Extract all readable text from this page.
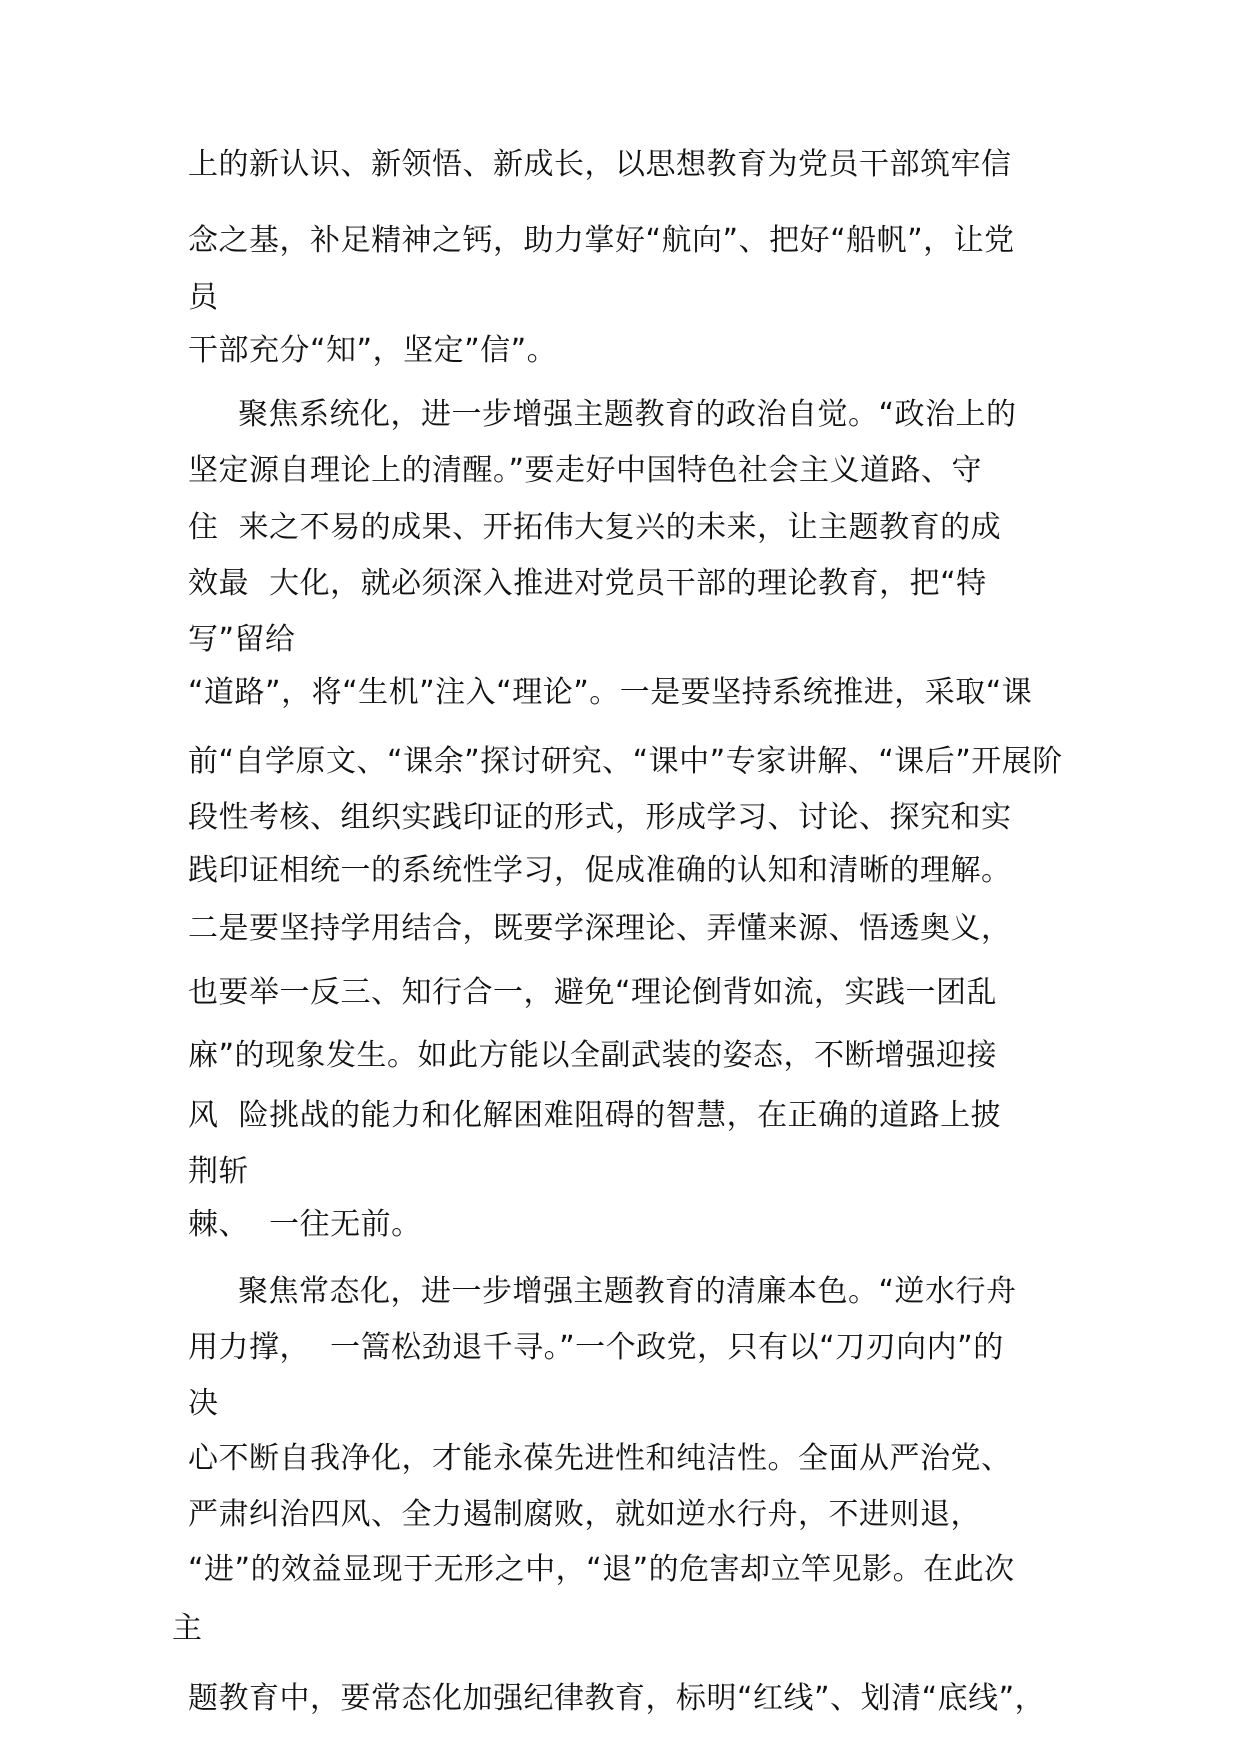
上的新认识、新领悟、新成长，以思想教育为党员干部筑牢信
念之基，补足精神之钙，助力掌好“航向”、把好“船帆”，让党
员
干部充分“知”，坚定”信”。
聚焦系统化，进一步增强主题教育的政治自觉。“政治上的
坚定源自理论上的清醒。”要走好中国特色社会主义道路、守
住  来之不易的成果、开拓伟大复兴的未来，让主题教育的成
效最  大化，就必须深入推进对党员干部的理论教育，把“特
写”留给
“道路”，将“生机”注入“理论”。一是要坚持系统推进，采取“课
前“自学原文、“课余”探讨研究、“课中”专家讲解、“课后”开展阶
段性考核、组织实践印证的形式，形成学习、讨论、探究和实
践印证相统一的系统性学习，促成准确的认知和清晰的理解。
二是要坚持学用结合，既要学深理论、弄懂来源、悟透奥义，
也要举一反三、知行合一，避免“理论倒背如流，实践一团乱
麻”的现象发生。如此方能以全副武装的姿态，不断增强迎接
风  险挑战的能力和化解困难阻碍的智慧，在正确的道路上披
荆斩
棘、  一往无前。
聚焦常态化，进一步增强主题教育的清廉本色。“逆水行舟
用力撑，  一篙松劲退千寻。”一个政党，只有以“刀刃向内”的
决
心不断自我净化，才能永葆先进性和纯洁性。全面从严治党、
严肃纠治四风、全力遏制腐败，就如逆水行舟，不进则退，
“进”的效益显现于无形之中，“退”的危害却立竿见影。在此次
主
题教育中，要常态化加强纪律教育，标明“红线”、划清“底线”，
